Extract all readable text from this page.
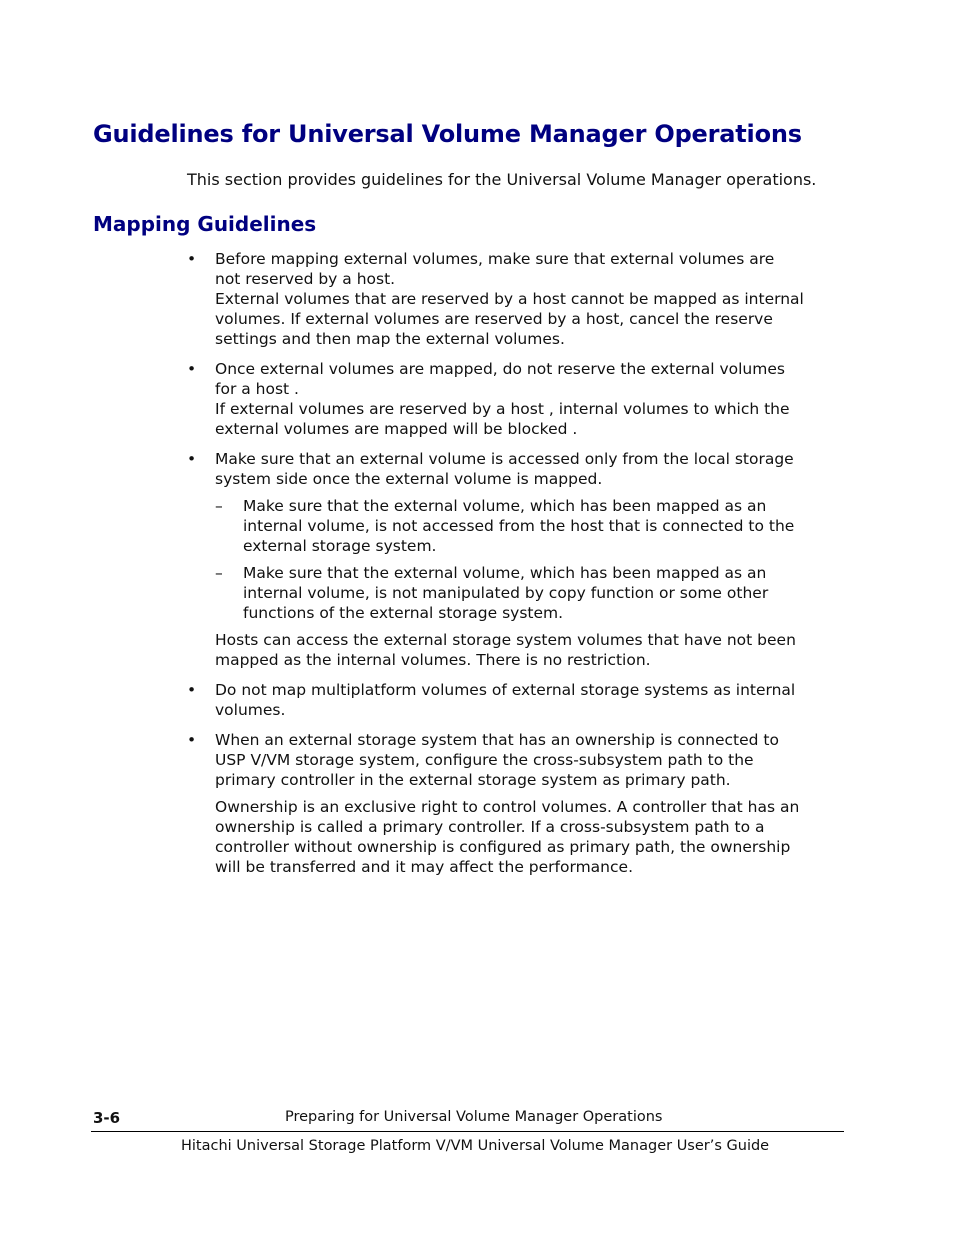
Guidelines for Universal Volume Manager Operations

This section provides guidelines for the Universal Volume Manager operations.

Mapping Guidelines
• Before mapping external volumes, make sure that external volumes are
not reserved by a host.

External volumes that are reserved by a host cannot be mapped as internal
volumes. If external volumes are reserved by a host, cancel the reserve
settings and then map the external volumes.

• Once external volumes are mapped, do not reserve the external volumes
for a host .

If external volumes are reserved by a host , internal volumes to which the
external volumes are mapped will be blocked .

• Make sure that an external volume is accessed only from the local storage
system side once the external volume is mapped.

– Make sure that the external volume, which has been mapped as an
internal volume, is not accessed from the host that is connected to the
external storage system.
– Make sure that the external volume, which has been mapped as an
internal volume, is not manipulated by copy function or some other
functions of the external storage system.

Hosts can access the external storage system volumes that have not been
mapped as the internal volumes. There is no restriction.

• Do not map multiplatform volumes of external storage systems as internal
volumes.

• When an external storage system that has an ownership is connected to
USP V/VM storage system, configure the cross-subsystem path to the
primary controller in the external storage system as primary path.

Ownership is an exclusive right to control volumes. A controller that has an
ownership is called a primary controller. If a cross-subsystem path to a
controller without ownership is configured as primary path, the ownership
will be transferred and it may affect the performance.

3-6	Preparing for Universal Volume Manager Operations
Hitachi Universal Storage Platform V/VM Universal Volume Manager User’s Guide
